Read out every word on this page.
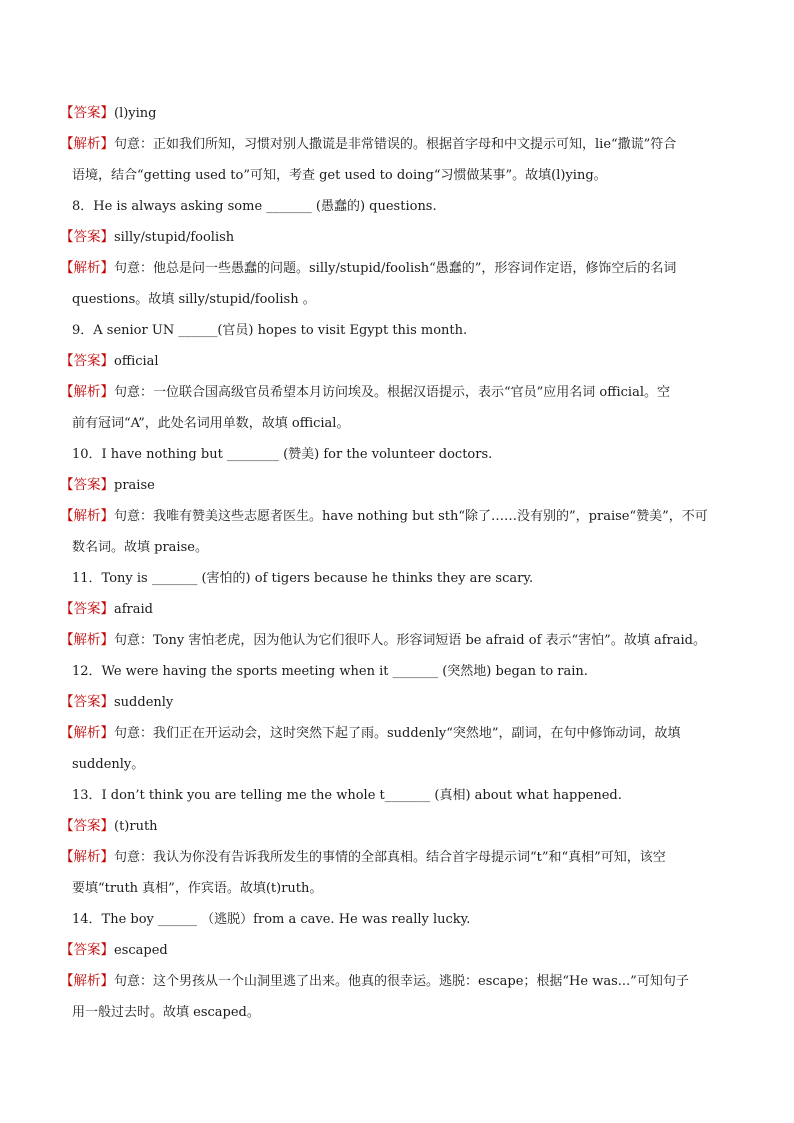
【答案】(l)ying
【解析】句意：正如我们所知，习惯对别人撒谎是非常错误的。根据首字母和中文提示可知，lie“撒谎”符合
语境，结合“getting used to”可知，考查 get used to doing“习惯做某事”。故填(l)ying。
8．He is always asking some _______ (愚蠢的) questions.
【答案】silly/stupid/foolish
【解析】句意：他总是问一些愚蠢的问题。silly/stupid/foolish“愚蠢的”，形容词作定语，修饰空后的名词
questions。故填 silly/stupid/foolish 。
9．A senior UN ______(官员) hopes to visit Egypt this month.
【答案】official
【解析】句意：一位联合国高级官员希望本月访问埃及。根据汉语提示，表示“官员”应用名词 official。空
前有冠词“A”，此处名词用单数，故填 official。
10．I have nothing but ________ (赞美) for the volunteer doctors.
【答案】praise
【解析】句意：我唯有赞美这些志愿者医生。have nothing but sth“除了……没有别的”，praise“赞美”，不可
数名词。故填 praise。
11．Tony is _______ (害怕的) of tigers because he thinks they are scary.
【答案】afraid
【解析】句意：Tony 害怕老虎，因为他认为它们很吓人。形容词短语 be afraid of 表示“害怕”。故填 afraid。
12．We were having the sports meeting when it _______ (突然地) began to rain.
【答案】suddenly
【解析】句意：我们正在开运动会，这时突然下起了雨。suddenly“突然地”，副词，在句中修饰动词，故填
suddenly。
13．I don’t think you are telling me the whole t_______ (真相) about what happened.
【答案】(t)ruth
【解析】句意：我认为你没有告诉我所发生的事情的全部真相。结合首字母提示词“t”和“真相”可知，该空
要填“truth 真相”，作宾语。故填(t)ruth。
14．The boy ______ （逃脱）from a cave. He was really lucky.
【答案】escaped
【解析】句意：这个男孩从一个山洞里逃了出来。他真的很幸运。逃脱：escape；根据“He was...”可知句子
用一般过去时。故填 escaped。
